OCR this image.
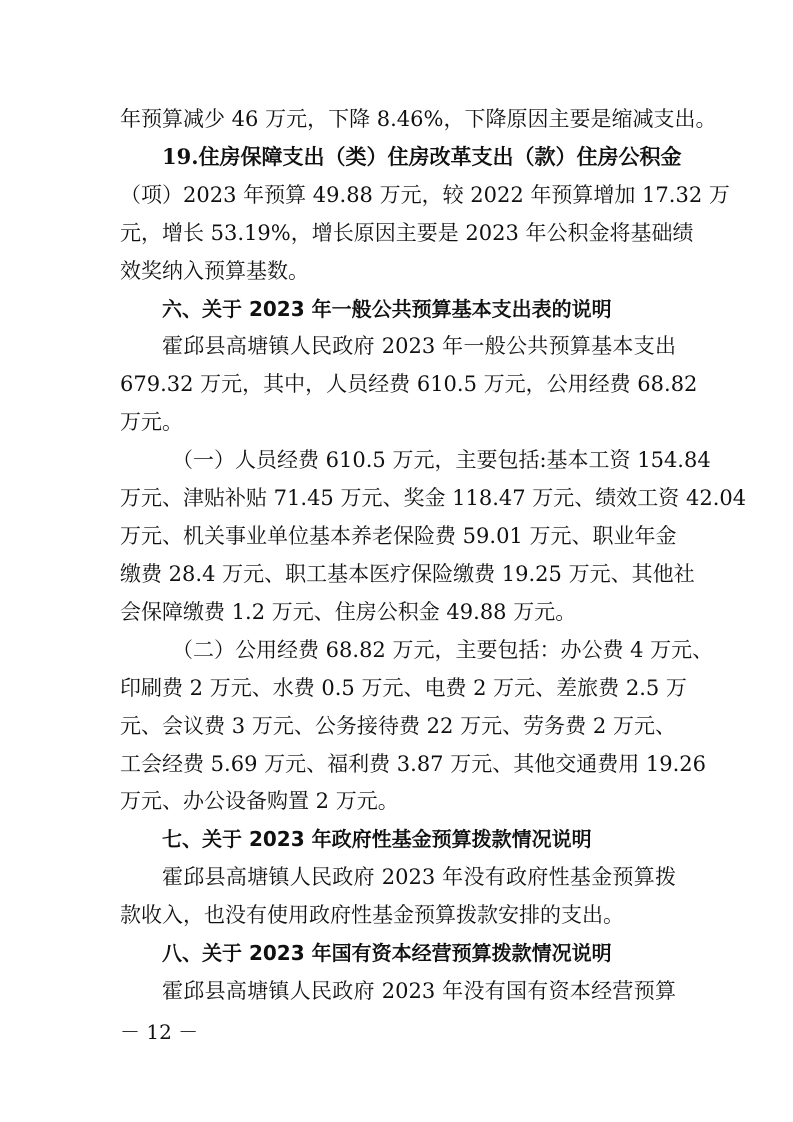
年预算减少 46 万元，下降 8.46%，下降原因主要是缩减支出。
19.住房保障支出（类）住房改革支出（款）住房公积金
（项）2023 年预算 49.88 万元，较 2022 年预算增加 17.32 万
元，增长 53.19%，增长原因主要是 2023 年公积金将基础绩
效奖纳入预算基数。
六、关于 2023 年一般公共预算基本支出表的说明
霍邱县高塘镇人民政府 2023 年一般公共预算基本支出
679.32 万元，其中，人员经费 610.5 万元，公用经费 68.82
万元。
（一）人员经费 610.5 万元，主要包括:基本工资 154.84
万元、津贴补贴 71.45 万元、奖金 118.47 万元、绩效工资 42.04
万元、机关事业单位基本养老保险费 59.01 万元、职业年金
缴费 28.4 万元、职工基本医疗保险缴费 19.25 万元、其他社
会保障缴费 1.2 万元、住房公积金 49.88 万元。
（二）公用经费 68.82 万元，主要包括：办公费 4 万元、
印刷费 2 万元、水费 0.5 万元、电费 2 万元、差旅费 2.5 万
元、会议费 3 万元、公务接待费 22 万元、劳务费 2 万元、
工会经费 5.69 万元、福利费 3.87 万元、其他交通费用 19.26
万元、办公设备购置 2 万元。
七、关于 2023 年政府性基金预算拨款情况说明
霍邱县高塘镇人民政府 2023 年没有政府性基金预算拨
款收入，也没有使用政府性基金预算拨款安排的支出。
八、关于 2023 年国有资本经营预算拨款情况说明
霍邱县高塘镇人民政府 2023 年没有国有资本经营预算
－ 12 －
